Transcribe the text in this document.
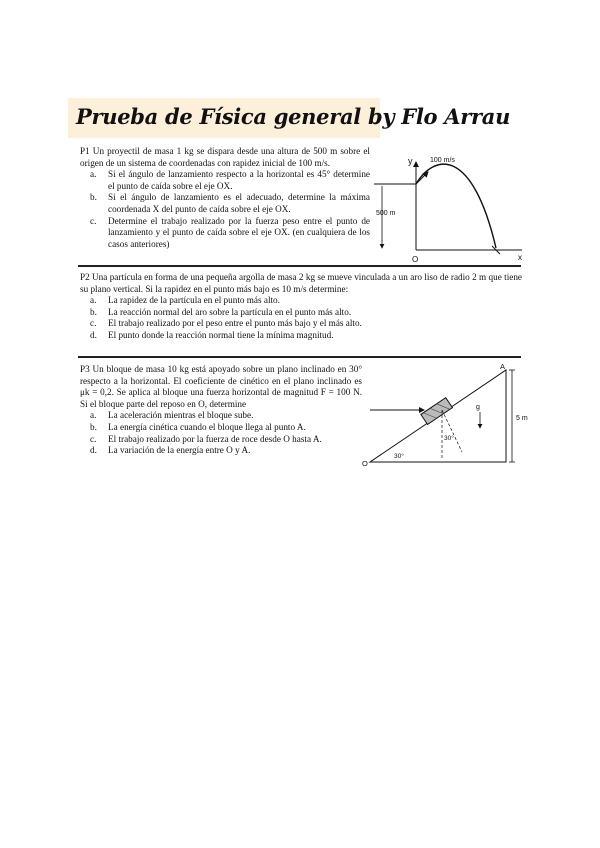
Prueba de Física general by Flo Arrau

P1 Un proyectil de masa 1 kg se dispara desde una altura de 500 m sobre el origen de un sistema de coordenadas con rapidez inicial de 100 m/s.

a.	Si el ángulo de lanzamiento respecto a la horizontal es 45° determine el punto de caída sobre el eje OX.
b.	Si el ángulo de lanzamiento es el adecuado, determine la máxima coordenada X del punto de caída sobre el eje OX.
c.	Determine el trabajo realizado por la fuerza peso entre el punto de lanzamiento y el punto de caída sobre el eje OX. (en cualquiera de los casos anteriores)
y	100 m/s
500 m
O	x

P2 Una partícula en forma de una pequeña argolla de masa 2 kg se mueve vinculada a un aro liso de radio 2 m que tiene su plano vertical. Si la rapidez en el punto más bajo es 10 m/s determine:

a.	La rapidez de la partícula en el punto más alto.
b.	La reacción normal del aro sobre la partícula en el punto más alto.
c.	El trabajo realizado por el peso entre el punto más bajo y el más alto.
d.	El punto donde la reacción normal tiene la mínima magnitud.

P3 Un bloque de masa 10 kg está apoyado sobre un plano inclinado en 30° respecto a la horizontal. El coeficiente de cinético en el plano inclinado es μk = 0,2. Se aplica al bloque una fuerza horizontal de magnitud F = 100 N. Si el bloque parte del reposo en O, determine

a.	La aceleración mientras el bloque sube.
b.	La energía cinética cuando el bloque llega al punto A.
c.	El trabajo realizado por la fuerza de roce desde O hasta A.
d.	La variación de la energía entre O y A.
g
30°
30°
O
A
5 m
